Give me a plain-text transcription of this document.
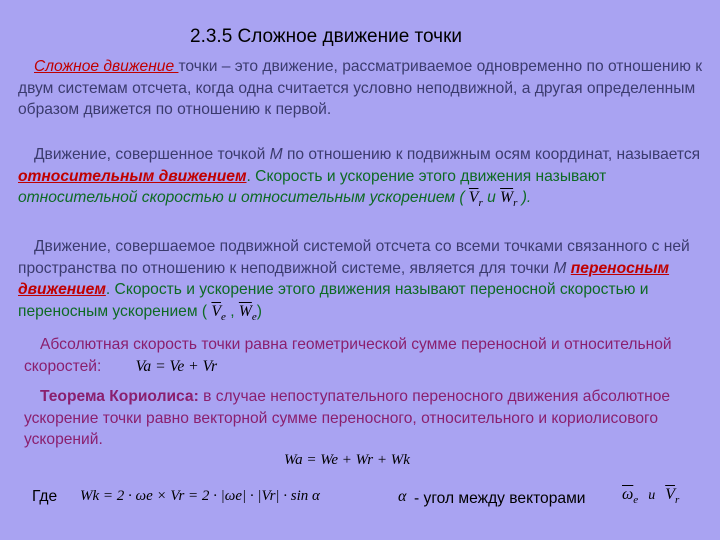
2.3.5 Сложное движение точки
Сложное движение точки – это движение, рассматриваемое одновременно по отношению к двум системам отсчета, когда одна считается условно неподвижной, а другая определенным образом движется по отношению к первой.
Движение, совершенное точкой М по отношению к подвижным осям координат, называется относительным движением. Скорость и ускорение этого движения называют относительной скоростью и относительным ускорением ( $\overline{V}_r$ и $\overline{W}_r$ ).
Движение, совершаемое подвижной системой отсчета со всеми точками связанного с ней пространства по отношению к неподвижной системе, является для точки М переносным движением. Скорость и ускорение этого движения называют переносной скоростью и переносным ускорением ( $\overline{V}_e$ , $\overline{W}_e$)
Абсолютная скорость точки равна геометрической сумме переносной и относительной скоростей: Va = Ve + Vr
Теорема Кориолиса: в случае непоступательного переносного движения абсолютное ускорение точки равно векторной сумме переносного, относительного и кориолисового ускорений.
Wa = We + Wr + Wk
Где Wk = 2 · ωe × Vr = 2 · |ωe| · |Vr| · sin α	α - угол между векторами $\overline{\omega}_e$ u $\overline{V}_r$
